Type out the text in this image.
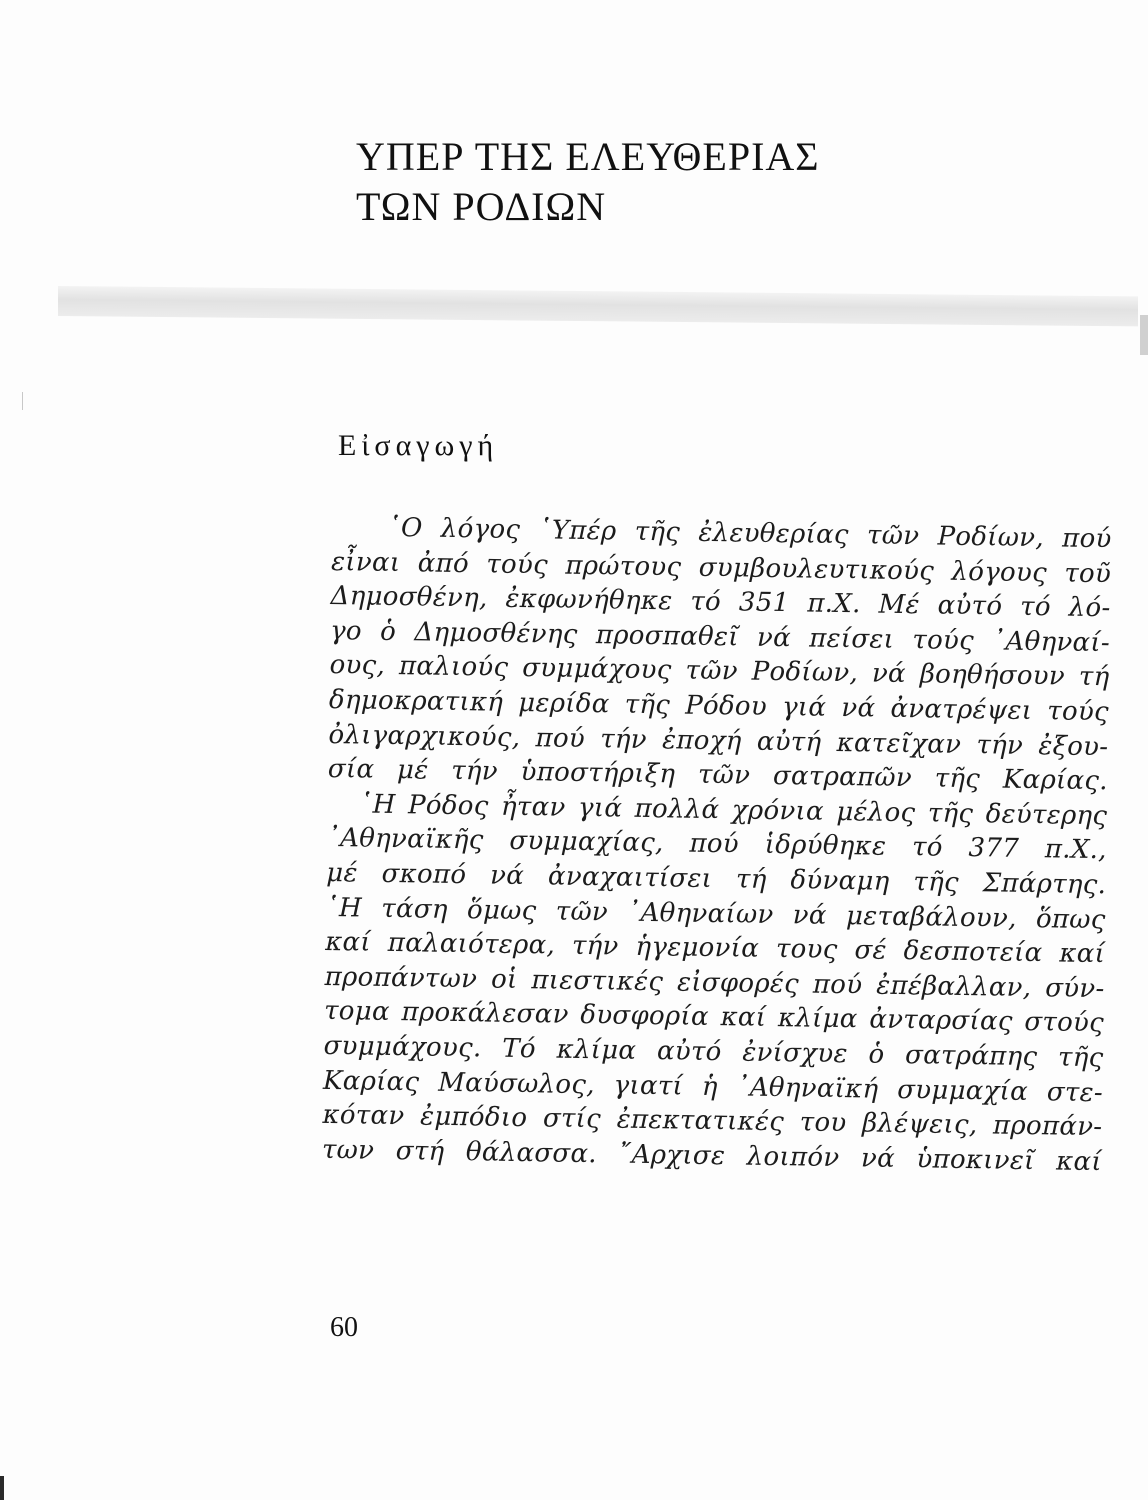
ΥΠΕΡ ΤΗΣ ΕΛΕΥΘΕΡΙΑΣ
ΤΩΝ ΡΟΔΙΩΝ
Εἰσαγωγή
῾Ο λόγος ῾Υπέρ τῆς ἐλευθερίας τῶν Ροδίων, πού
εἶναι ἀπό τούς πρώτους συμβουλευτικούς λόγους τοῦ
Δημοσθένη, ἐκφωνήθηκε τό 351 π.Χ. Μέ αὐτό τό λό-
γο ὁ Δημοσθένης προσπαθεῖ νά πείσει τούς ᾿Αθηναί-
ους, παλιούς συμμάχους τῶν Ροδίων, νά βοηθήσουν τή
δημοκρατική μερίδα τῆς Ρόδου γιά νά ἀνατρέψει τούς
ὀλιγαρχικούς, πού τήν ἐποχή αὐτή κατεῖχαν τήν ἐξου-
σία μέ τήν ὑποστήριξη τῶν σατραπῶν τῆς Καρίας.
῾Η Ρόδος ἦταν γιά πολλά χρόνια μέλος τῆς δεύτερης
᾿Αθηναϊκῆς συμμαχίας, πού ἱδρύθηκε τό 377 π.Χ.,
μέ σκοπό νά ἀναχαιτίσει τή δύναμη τῆς Σπάρτης.
῾Η τάση ὅμως τῶν ᾿Αθηναίων νά μεταβάλουν, ὅπως
καί παλαιότερα, τήν ἡγεμονία τους σέ δεσποτεία καί
προπάντων οἱ πιεστικές εἰσφορές πού ἐπέβαλλαν, σύν-
τομα προκάλεσαν δυσφορία καί κλίμα ἀνταρσίας στούς
συμμάχους. Τό κλίμα αὐτό ἐνίσχυε ὁ σατράπης τῆς
Καρίας Μαύσωλος, γιατί ἡ ᾿Αθηναϊκή συμμαχία στε-
κόταν ἐμπόδιο στίς ἐπεκτατικές του βλέψεις, προπάν-
των στή θάλασσα. ῎Αρχισε λοιπόν νά ὑποκινεῖ καί
60
